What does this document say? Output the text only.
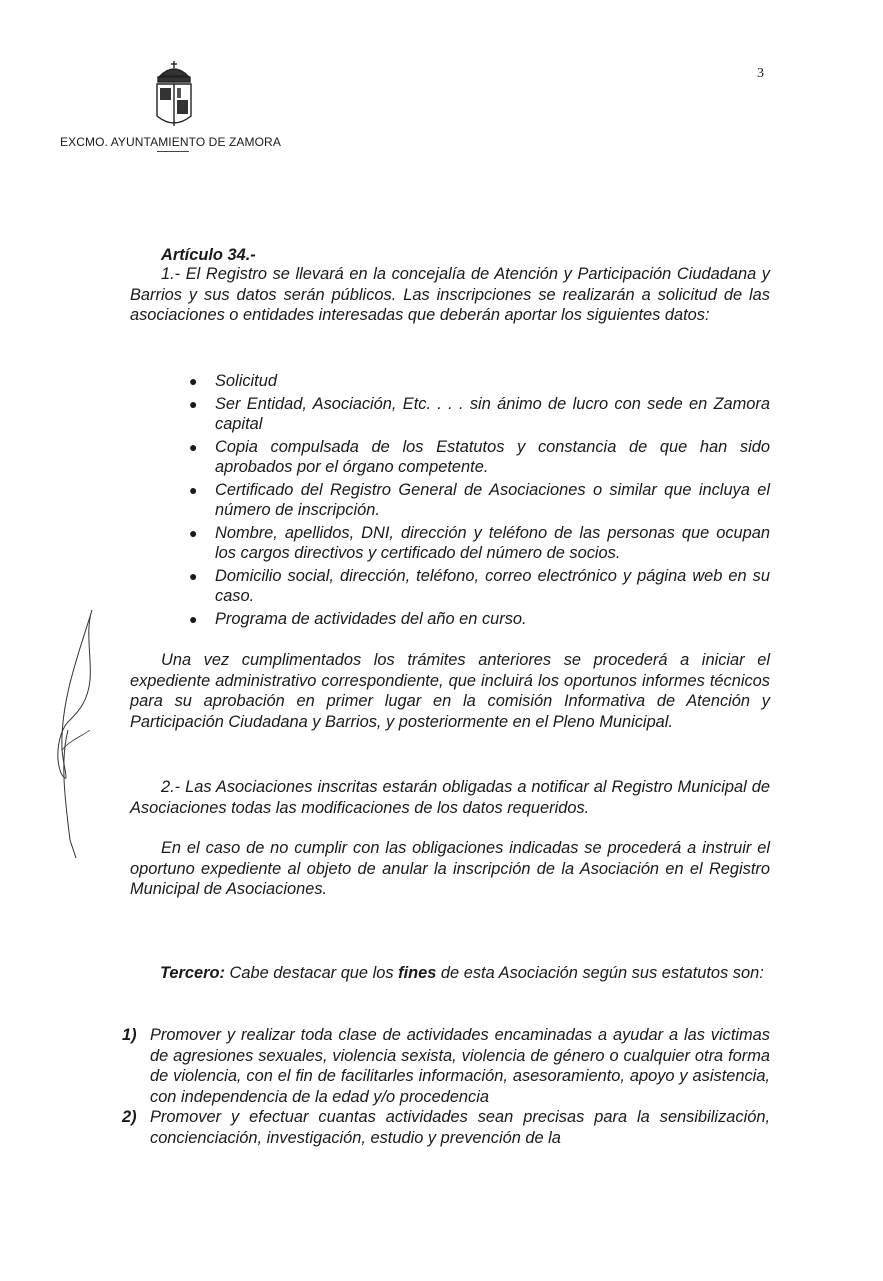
EXCMO. AYUNTAMIENTO DE ZAMORA
3
Artículo 34.-
1.- El Registro se llevará en la concejalía de Atención y Participación Ciudadana y Barrios y sus datos serán públicos. Las inscripciones se realizarán a solicitud de las asociaciones o entidades interesadas que deberán aportar los siguientes datos:
● Solicitud
● Ser Entidad, Asociación, Etc. . . . sin ánimo de lucro con sede en Zamora capital
● Copia compulsada de los Estatutos y constancia de que han sido aprobados por el órgano competente.
● Certificado del Registro General de Asociaciones o similar que incluya el número de inscripción.
● Nombre, apellidos, DNI, dirección y teléfono de las personas que ocupan los cargos directivos y certificado del número de socios.
● Domicilio social, dirección, teléfono, correo electrónico y página web en su caso.
● Programa de actividades del año en curso.
Una vez cumplimentados los trámites anteriores se procederá a iniciar el expediente administrativo correspondiente, que incluirá los oportunos informes técnicos para su aprobación en primer lugar en la comisión Informativa de Atención y Participación Ciudadana y Barrios, y posteriormente en el Pleno Municipal.
2.- Las Asociaciones inscritas estarán obligadas a notificar al Registro Municipal de Asociaciones todas las modificaciones de los datos requeridos.
En el caso de no cumplir con las obligaciones indicadas se procederá a instruir el oportuno expediente al objeto de anular la inscripción de la Asociación en el Registro Municipal de Asociaciones.
Tercero: Cabe destacar que los fines de esta Asociación según sus estatutos son:
1) Promover y realizar toda clase de actividades encaminadas a ayudar a las victimas de agresiones sexuales, violencia sexista, violencia de género o cualquier otra forma de violencia, con el fin de facilitarles información, asesoramiento, apoyo y asistencia, con independencia de la edad y/o procedencia
2) Promover y efectuar cuantas actividades sean precisas para la sensibilización, concienciación, investigación, estudio y prevención de la
